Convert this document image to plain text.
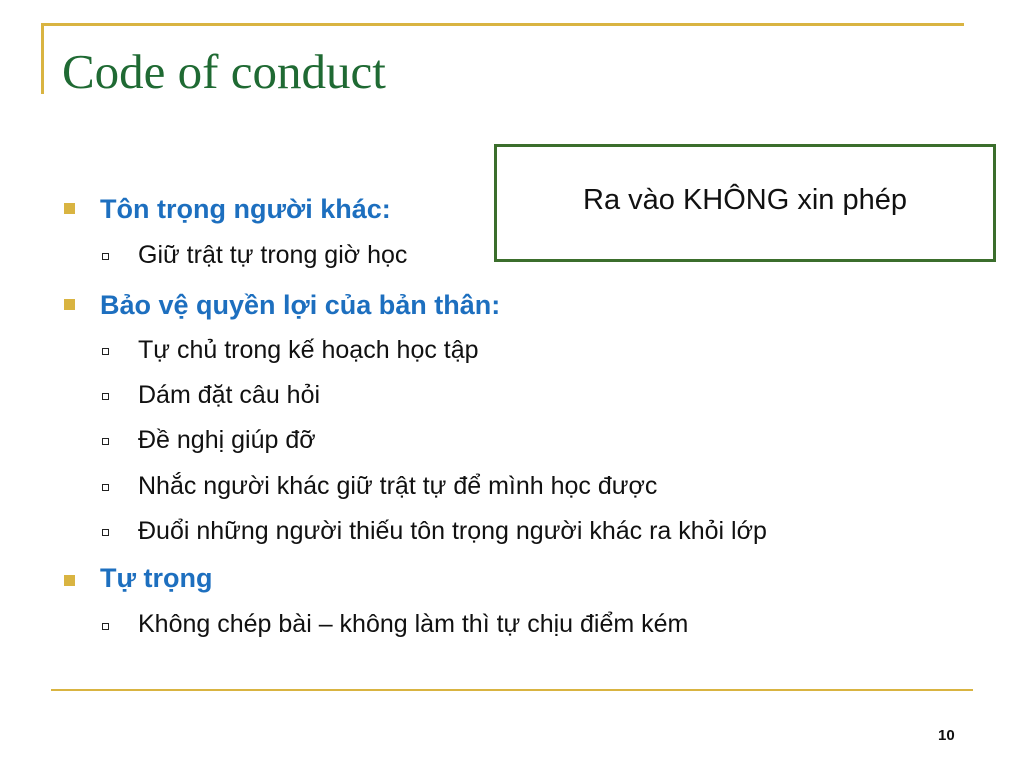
Code of conduct
Tôn trọng người khác:
Giữ trật tự trong giờ học
Bảo vệ quyền lợi của bản thân:
Tự chủ trong kế hoạch học tập
Dám đặt câu hỏi
Đề nghị giúp đỡ
Nhắc người khác giữ trật tự để mình học được
Đuổi những người thiếu tôn trọng người khác ra khỏi lớp
Tự trọng
Không chép bài – không làm thì tự chịu điểm kém
Ra vào KHÔNG xin phép
10
